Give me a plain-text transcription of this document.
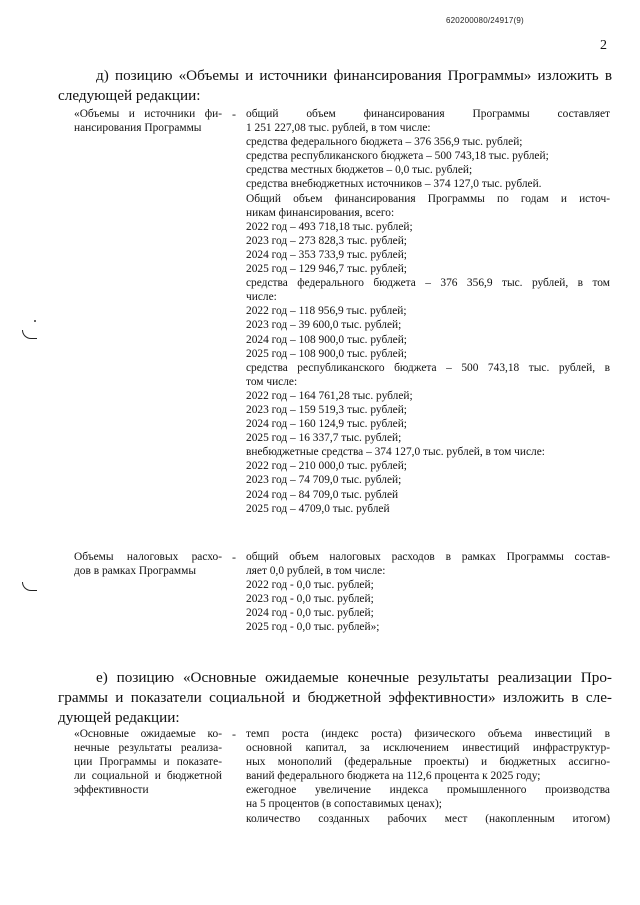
620200080/24917(9)
2
д) позицию «Объемы и источники финансирования Программы» изложить в
следующей редакции:
«Объемы и источники фи-
нансирования Программы
- общий объем финансирования Программы составляет
1 251 227,08 тыс. рублей, в том числе:
средства федерального бюджета – 376 356,9 тыс. рублей;
средства республиканского бюджета – 500 743,18 тыс. рублей;
средства местных бюджетов – 0,0 тыс. рублей;
средства внебюджетных источников – 374 127,0 тыс. рублей.
Общий объем финансирования Программы по годам и источ-
никам финансирования, всего:
2022 год – 493 718,18 тыс. рублей;
2023 год – 273 828,3 тыс. рублей;
2024 год – 353 733,9 тыс. рублей;
2025 год – 129 946,7 тыс. рублей;
средства федерального бюджета – 376 356,9 тыс. рублей, в том
числе:
2022 год – 118 956,9 тыс. рублей;
2023 год – 39 600,0 тыс. рублей;
2024 год – 108 900,0 тыс. рублей;
2025 год – 108 900,0 тыс. рублей;
средства республиканского бюджета – 500 743,18 тыс. рублей, в
том числе:
2022 год – 164 761,28 тыс. рублей;
2023 год – 159 519,3 тыс. рублей;
2024 год – 160 124,9 тыс. рублей;
2025 год – 16 337,7 тыс. рублей;
внебюджетные средства – 374 127,0 тыс. рублей, в том числе:
2022 год – 210 000,0 тыс. рублей;
2023 год – 74 709,0 тыс. рублей;
2024 год – 84 709,0 тыс. рублей
2025 год – 4709,0 тыс. рублей
Объемы налоговых расхо-
дов в рамках Программы
- общий объем налоговых расходов в рамках Программы состав-
ляет 0,0 рублей, в том числе:
2022 год - 0,0 тыс. рублей;
2023 год - 0,0 тыс. рублей;
2024 год - 0,0 тыс. рублей;
2025 год - 0,0 тыс. рублей»;
е) позицию «Основные ожидаемые конечные результаты реализации Про-
граммы и показатели социальной и бюджетной эффективности» изложить в сле-
дующей редакции:
«Основные ожидаемые ко-
нечные результаты реализа-
ции Программы и показате-
ли социальной и бюджетной
эффективности
- темп роста (индекс роста) физического объема инвестиций в
основной капитал, за исключением инвестиций инфраструктур-
ных монополий (федеральные проекты) и бюджетных ассигно-
ваний федерального бюджета на 112,6 процента к 2025 году;
ежегодное увеличение индекса промышленного производства
на 5 процентов (в сопоставимых ценах);
количество созданных рабочих мест (накопленным итогом)
